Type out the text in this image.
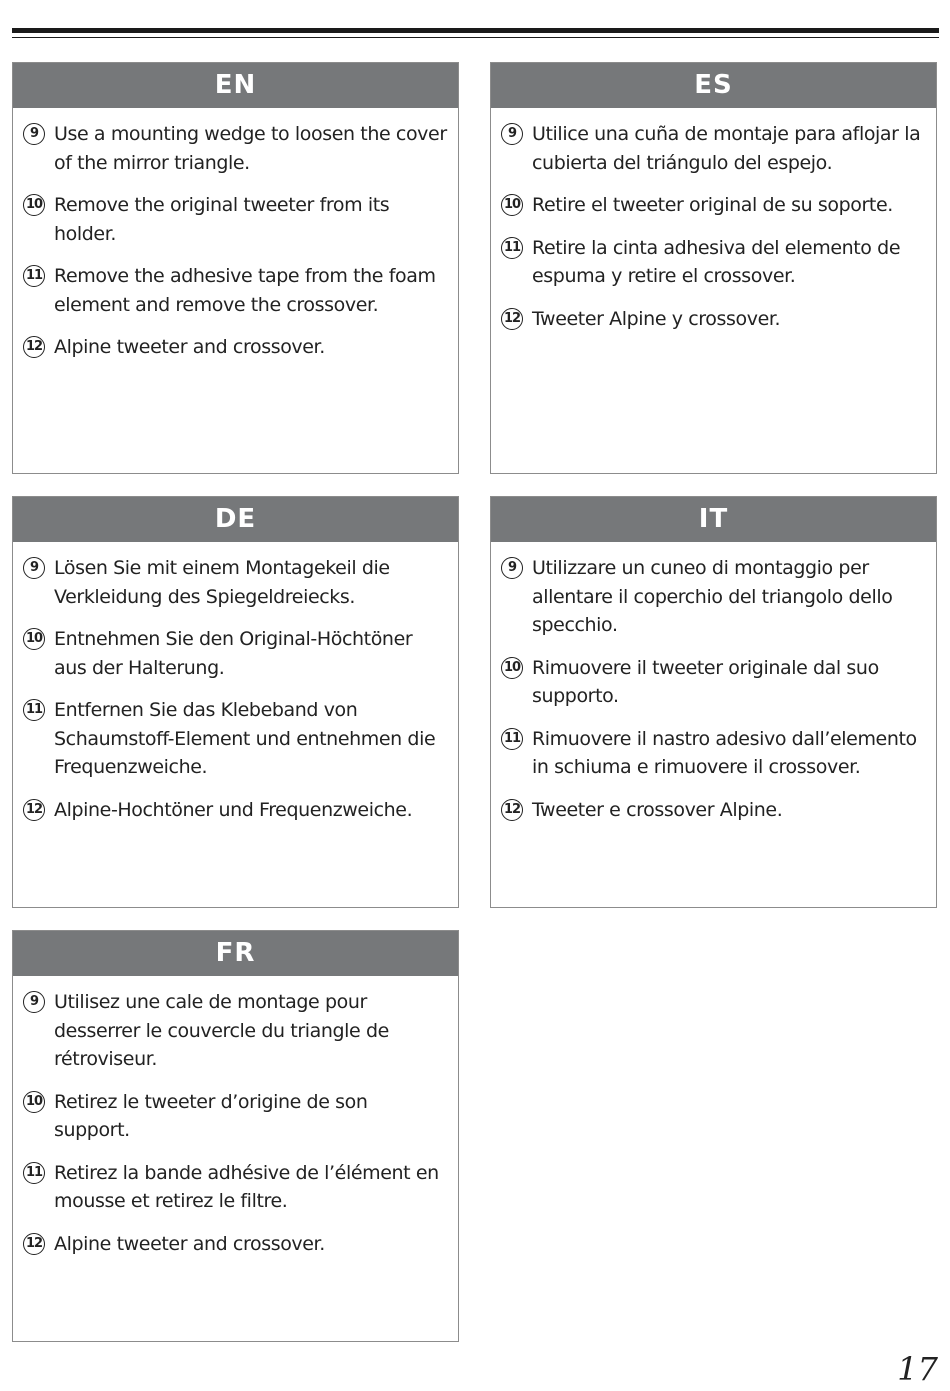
EN
9 Use a mounting wedge to loosen the cover of the mirror triangle.
10 Remove the original tweeter from its holder.
11 Remove the adhesive tape from the foam element and remove the crossover.
12 Alpine tweeter and crossover.
ES
9 Utilice una cuña de montaje para aflojar la cubierta del triángulo del espejo.
10 Retire el tweeter original de su soporte.
11 Retire la cinta adhesiva del elemento de espuma y retire el crossover.
12 Tweeter Alpine y crossover.
DE
9 Lösen Sie mit einem Montagekeil die Verkleidung des Spiegeldreiecks.
10 Entnehmen Sie den Original-Höchtöner aus der Halterung.
11 Entfernen Sie das Klebeband von Schaumstoff-Element und entnehmen die Frequenzweiche.
12 Alpine-Hochtöner und Frequenzweiche.
IT
9 Utilizzare un cuneo di montaggio per allentare il coperchio del triangolo dello specchio.
10 Rimuovere il tweeter originale dal suo supporto.
11 Rimuovere il nastro adesivo dall’elemento in schiuma e rimuovere il crossover.
12 Tweeter e crossover Alpine.
FR
9 Utilisez une cale de montage pour desserrer le couvercle du triangle de rétroviseur.
10 Retirez le tweeter d’origine de son support.
11 Retirez la bande adhésive de l’élément en mousse et retirez le filtre.
12 Alpine tweeter and crossover.
17
